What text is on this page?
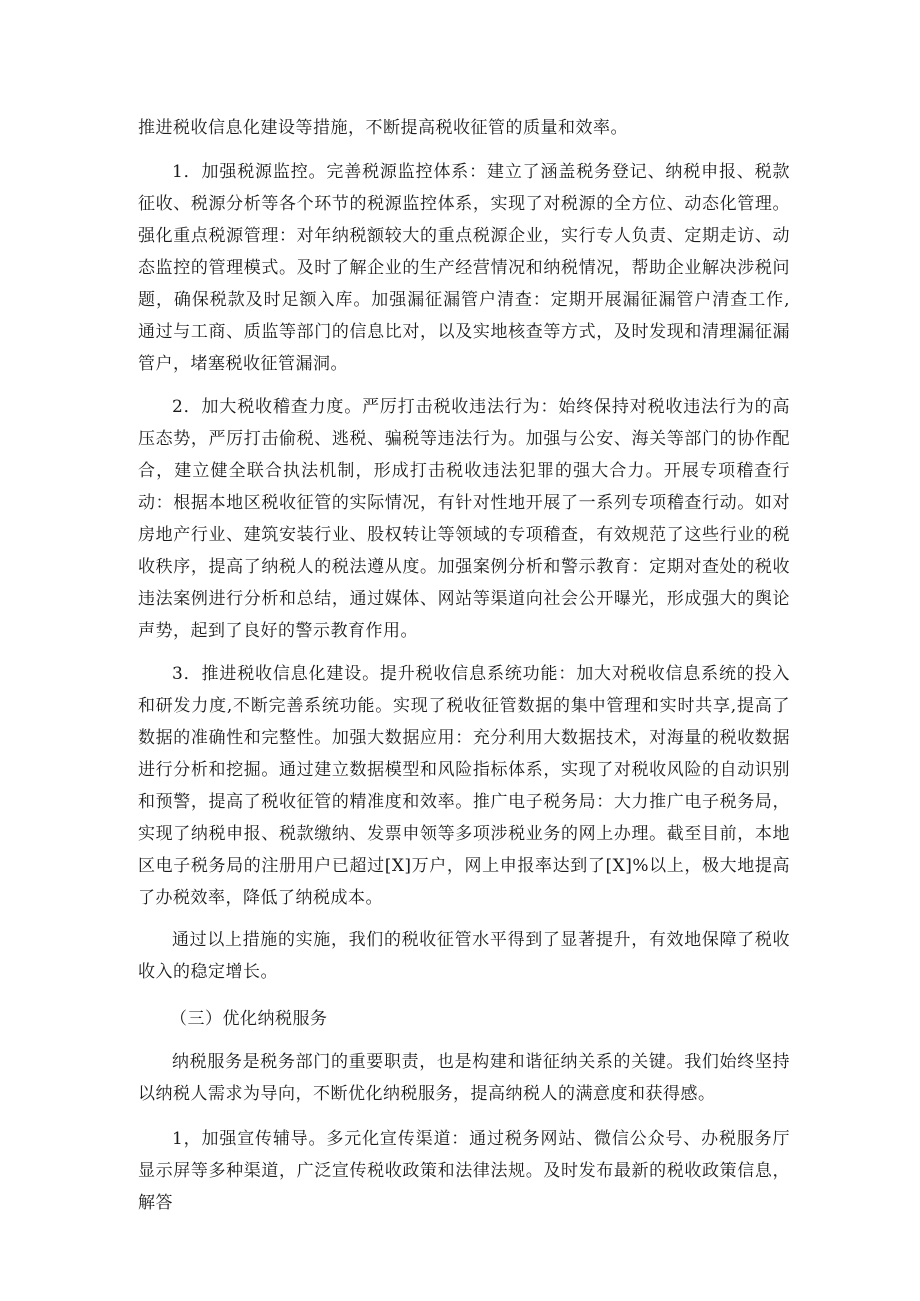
推进税收信息化建设等措施，不断提高税收征管的质量和效率。

1．加强税源监控。完善税源监控体系：建立了涵盖税务登记、纳税申报、税款征收、税源分析等各个环节的税源监控体系，实现了对税源的全方位、动态化管理。强化重点税源管理：对年纳税额较大的重点税源企业，实行专人负责、定期走访、动态监控的管理模式。及时了解企业的生产经营情况和纳税情况，帮助企业解决涉税问题，确保税款及时足额入库。加强漏征漏管户清查：定期开展漏征漏管户清查工作,通过与工商、质监等部门的信息比对，以及实地核查等方式，及时发现和清理漏征漏管户，堵塞税收征管漏洞。

2．加大税收稽查力度。严厉打击税收违法行为：始终保持对税收违法行为的高压态势，严厉打击偷税、逃税、骗税等违法行为。加强与公安、海关等部门的协作配合，建立健全联合执法机制，形成打击税收违法犯罪的强大合力。开展专项稽查行动：根据本地区税收征管的实际情况，有针对性地开展了一系列专项稽查行动。如对房地产行业、建筑安装行业、股权转让等领域的专项稽查，有效规范了这些行业的税收秩序，提高了纳税人的税法遵从度。加强案例分析和警示教育：定期对查处的税收违法案例进行分析和总结，通过媒体、网站等渠道向社会公开曝光，形成强大的舆论声势，起到了良好的警示教育作用。

3．推进税收信息化建设。提升税收信息系统功能：加大对税收信息系统的投入和研发力度,不断完善系统功能。实现了税收征管数据的集中管理和实时共享,提高了数据的准确性和完整性。加强大数据应用：充分利用大数据技术，对海量的税收数据进行分析和挖掘。通过建立数据模型和风险指标体系，实现了对税收风险的自动识别和预警，提高了税收征管的精准度和效率。推广电子税务局：大力推广电子税务局，实现了纳税申报、税款缴纳、发票申领等多项涉税业务的网上办理。截至目前，本地区电子税务局的注册用户已超过[X]万户，网上申报率达到了[X]%以上，极大地提高了办税效率，降低了纳税成本。

通过以上措施的实施，我们的税收征管水平得到了显著提升，有效地保障了税收收入的稳定增长。

（三）优化纳税服务

纳税服务是税务部门的重要职责，也是构建和谐征纳关系的关键。我们始终坚持以纳税人需求为导向，不断优化纳税服务，提高纳税人的满意度和获得感。

1，加强宣传辅导。多元化宣传渠道：通过税务网站、微信公众号、办税服务厅显示屏等多种渠道，广泛宣传税收政策和法律法规。及时发布最新的税收政策信息，解答
